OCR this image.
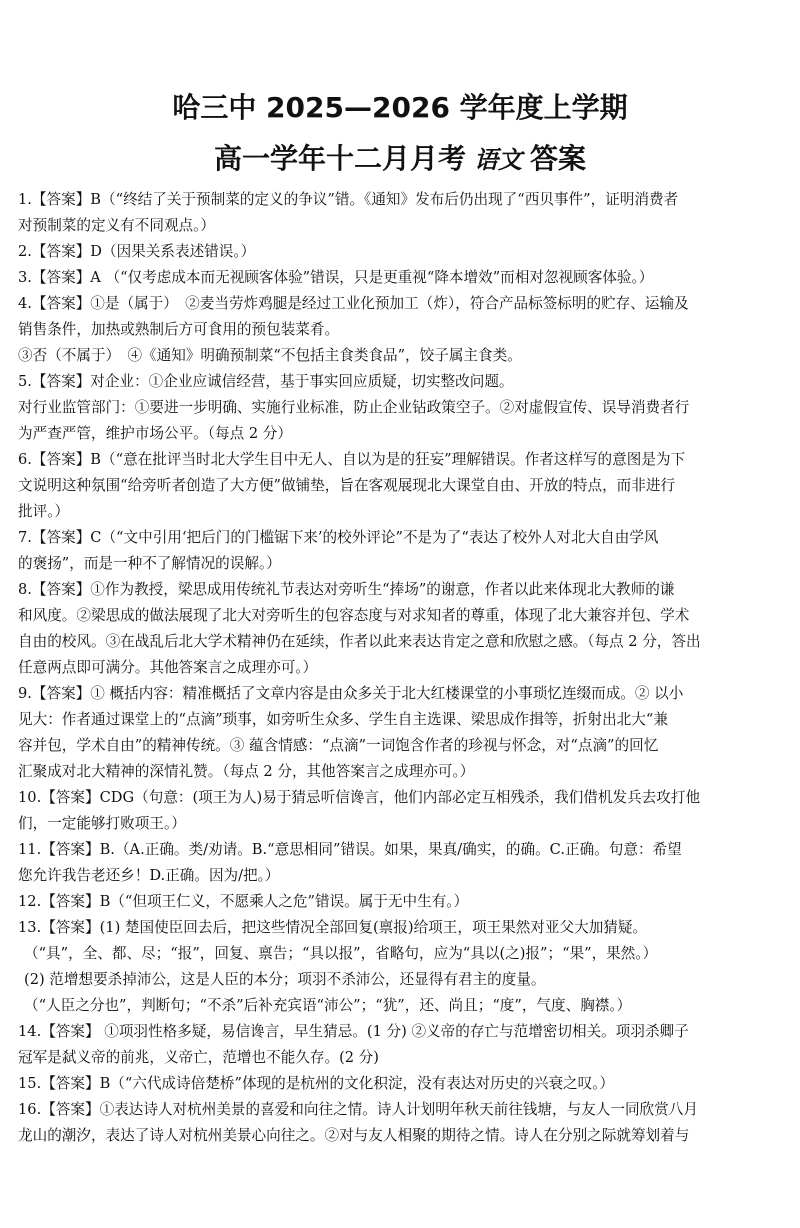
哈三中 2025—2026 学年度上学期
高一学年十二月月考 语文 答案
1.【答案】B（“终结了关于预制菜的定义的争议”错。《通知》发布后仍出现了“西贝事件”，证明消费者
对预制菜的定义有不同观点。）
2.【答案】D（因果关系表述错误。）
3.【答案】A （“仅考虑成本而无视顾客体验”错误，只是更重视“降本增效”而相对忽视顾客体验。）
4.【答案】①是（属于）　②麦当劳炸鸡腿是经过工业化预加工（炸），符合产品标签标明的贮存、运输及
销售条件，加热或熟制后方可食用的预包装菜肴。
③否（不属于）　④《通知》明确预制菜“不包括主食类食品”，饺子属主食类。
5.【答案】对企业：①企业应诚信经营，基于事实回应质疑，切实整改问题。
对行业监管部门：①要进一步明确、实施行业标准，防止企业钻政策空子。②对虚假宣传、误导消费者行
为严查严管，维护市场公平。（每点 2 分）
6.【答案】B（“意在批评当时北大学生目中无人、自以为是的狂妄”理解错误。作者这样写的意图是为下
文说明这种氛围“给旁听者创造了大方便”做铺垫，旨在客观展现北大课堂自由、开放的特点，而非进行
批评。）
7.【答案】C（“文中引用‘把后门的门槛锯下来’的校外评论”不是为了“表达了校外人对北大自由学风
的褒扬”，而是一种不了解情况的误解。）
8.【答案】①作为教授，梁思成用传统礼节表达对旁听生“捧场”的谢意，作者以此来体现北大教师的谦
和风度。②梁思成的做法展现了北大对旁听生的包容态度与对求知者的尊重，体现了北大兼容并包、学术
自由的校风。③在战乱后北大学术精神仍在延续，作者以此来表达肯定之意和欣慰之感。（每点 2 分，答出
任意两点即可满分。其他答案言之成理亦可。）
9.【答案】① 概括内容：精准概括了文章内容是由众多关于北大红楼课堂的小事琐忆连缀而成。② 以小
见大：作者通过课堂上的“点滴”琐事，如旁听生众多、学生自主选课、梁思成作揖等，折射出北大“兼
容并包，学术自由”的精神传统。③ 蕴含情感：“点滴”一词饱含作者的珍视与怀念，对“点滴”的回忆
汇聚成对北大精神的深情礼赞。（每点 2 分，其他答案言之成理亦可。）
10.【答案】CDG（句意：(项王为人)易于猜忌听信谗言，他们内部必定互相残杀，我们借机发兵去攻打他
们，一定能够打败项王。）
11.【答案】B.（A.正确。类/劝请。B.“意思相同”错误。如果，果真/确实，的确。C.正确。句意：希望
您允许我告老还乡！D.正确。因为/把。）
12.【答案】B（“但项王仁义，不愿乘人之危”错误。属于无中生有。）
13.【答案】(1) 楚国使臣回去后，把这些情况全部回复(禀报)给项王，项王果然对亚父大加猜疑。
（“具”，全、都、尽；“报”，回复、禀告；“具以报”，省略句，应为“具以(之)报”；“果”，果然。）
(2) 范增想要杀掉沛公，这是人臣的本分；项羽不杀沛公，还显得有君主的度量。
（“人臣之分也”，判断句；“不杀”后补充宾语“沛公”；“犹”，还、尚且；“度”，气度、胸襟。）
14.【答案】 ①项羽性格多疑，易信谗言，早生猜忌。(1 分) ②义帝的存亡与范增密切相关。项羽杀卿子
冠军是弑义帝的前兆，义帝亡，范增也不能久存。(2 分)
15.【答案】B（“六代成诗倍楚桥”体现的是杭州的文化积淀，没有表达对历史的兴衰之叹。）
16.【答案】①表达诗人对杭州美景的喜爱和向往之情。诗人计划明年秋天前往钱塘，与友人一同欣赏八月
龙山的潮汐，表达了诗人对杭州美景心向往之。②对与友人相聚的期待之情。诗人在分别之际就筹划着与
